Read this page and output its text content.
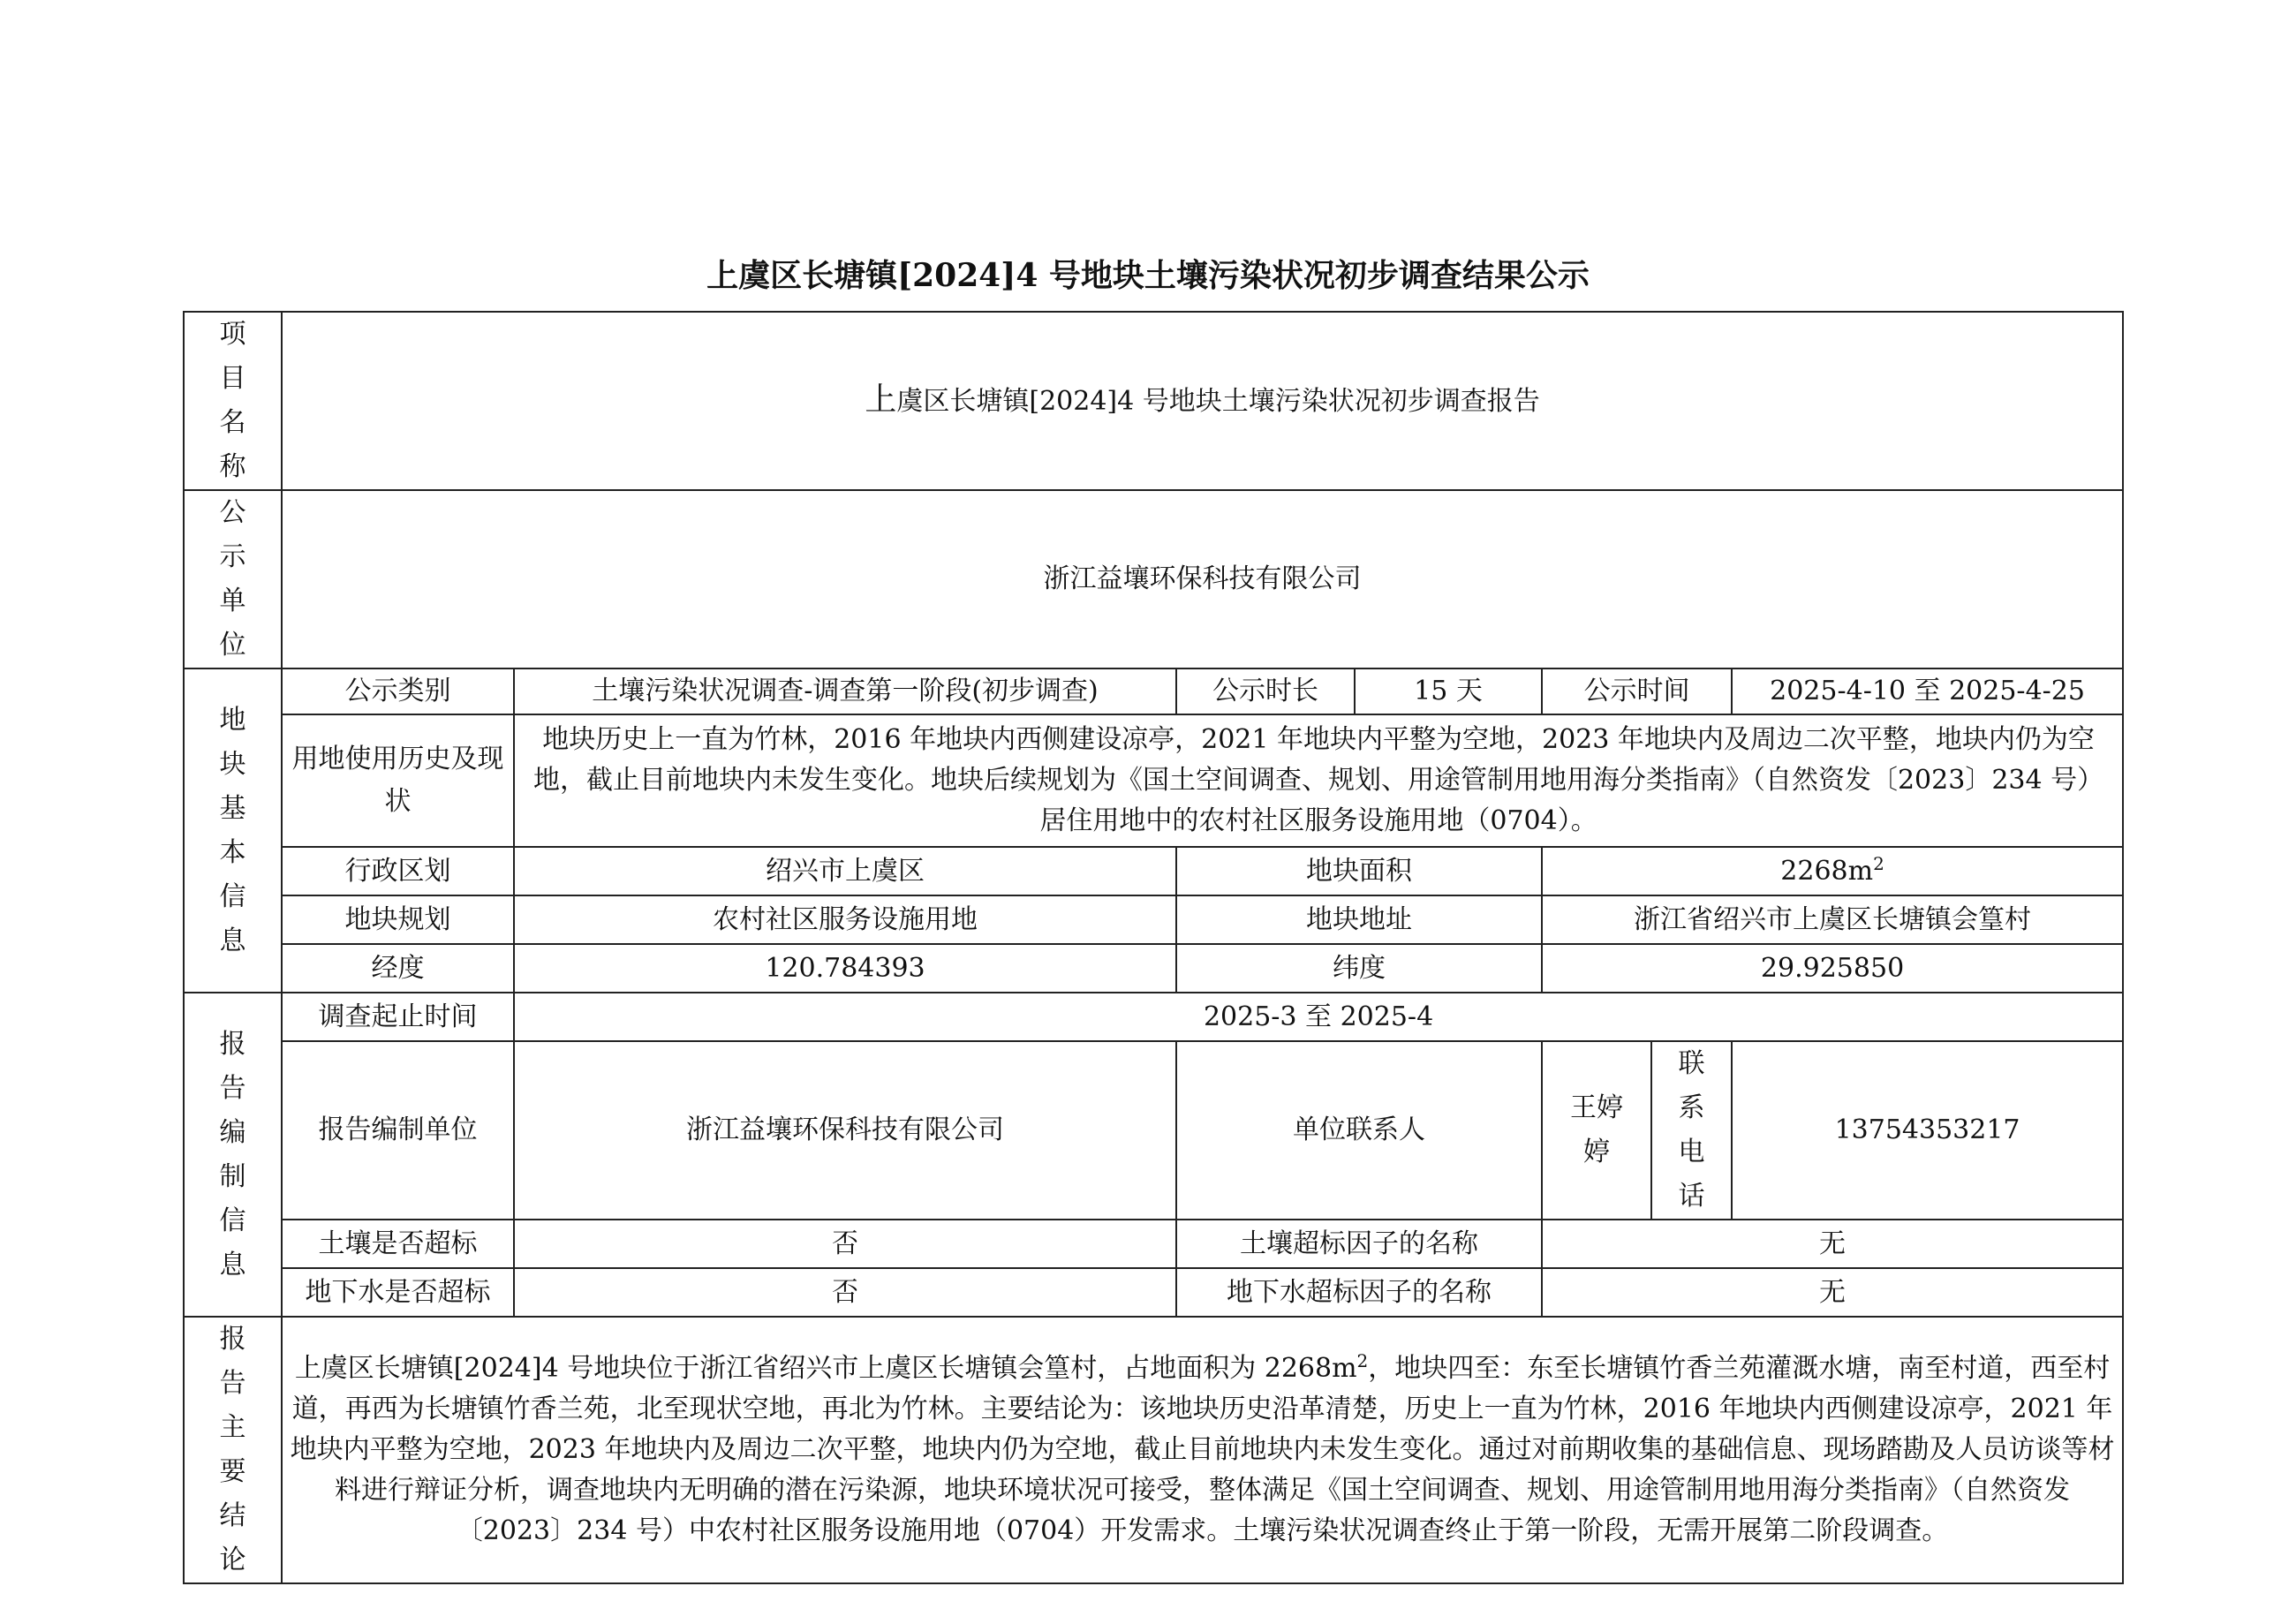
上虞区长塘镇[2024]4 号地块土壤污染状况初步调查结果公示
项目名称	上虞区长塘镇[2024]4 号地块土壤污染状况初步调查报告						
公示单位	浙江益壤环保科技有限公司						
地块基本信息	公示类别	土壤污染状况调查-调查第一阶段(初步调查)	公示时长	15 天	公示时间		2025-4-10 至 2025-4-25
	用地使用历史及现状	地块历史上一直为竹林，2016 年地块内西侧建设凉亭，2021 年地块内平整为空地，2023 年地块内及周边二次平整，地块内仍为空地，截止目前地块内未发生变化。地块后续规划为《国土空间调查、规划、用途管制用地用海分类指南》（自然资发〔2023〕234 号）居住用地中的农村社区服务设施用地（0704）。					
	行政区划	绍兴市上虞区	地块面积		$2268m^2$
	地块规划	农村社区服务设施用地	地块地址		浙江省绍兴市上虞区长塘镇会篁村		
	经度	120.784393	纬度		29.925850		
报告编制信息	调查起止时间	2025-3 至 2025-4					
	报告编制单位	浙江益壤环保科技有限公司	单位联系人		王婷婷	联系电话	13754353217
	土壤是否超标	否	土壤超标因子的名称		无		
	地下水是否超标	否	地下水超标因子的名称		无		
报告主要结论	上虞区长塘镇[2024]4 号地块位于浙江省绍兴市上虞区长塘镇会篁村，占地面积为 $2268m^2$，地块四至：东至长塘镇竹香兰苑灌溉水塘，南至村道，西至村道，再西为长塘镇竹香兰苑，北至现状空地，再北为竹林。主要结论为：该地块历史沿革清楚，历史上一直为竹林，2016 年地块内西侧建设凉亭，2021 年地块内平整为空地，2023 年地块内及周边二次平整，地块内仍为空地，截止目前地块内未发生变化。通过对前期收集的基础信息、现场踏勘及人员访谈等材料进行辩证分析，调查地块内无明确的潜在污染源，地块环境状况可接受，整体满足《国土空间调查、规划、用途管制用地用海分类指南》（自然资发〔2023〕234 号）中农村社区服务设施用地（0704）开发需求。土壤污染状况调查终止于第一阶段，无需开展第二阶段调查。						
